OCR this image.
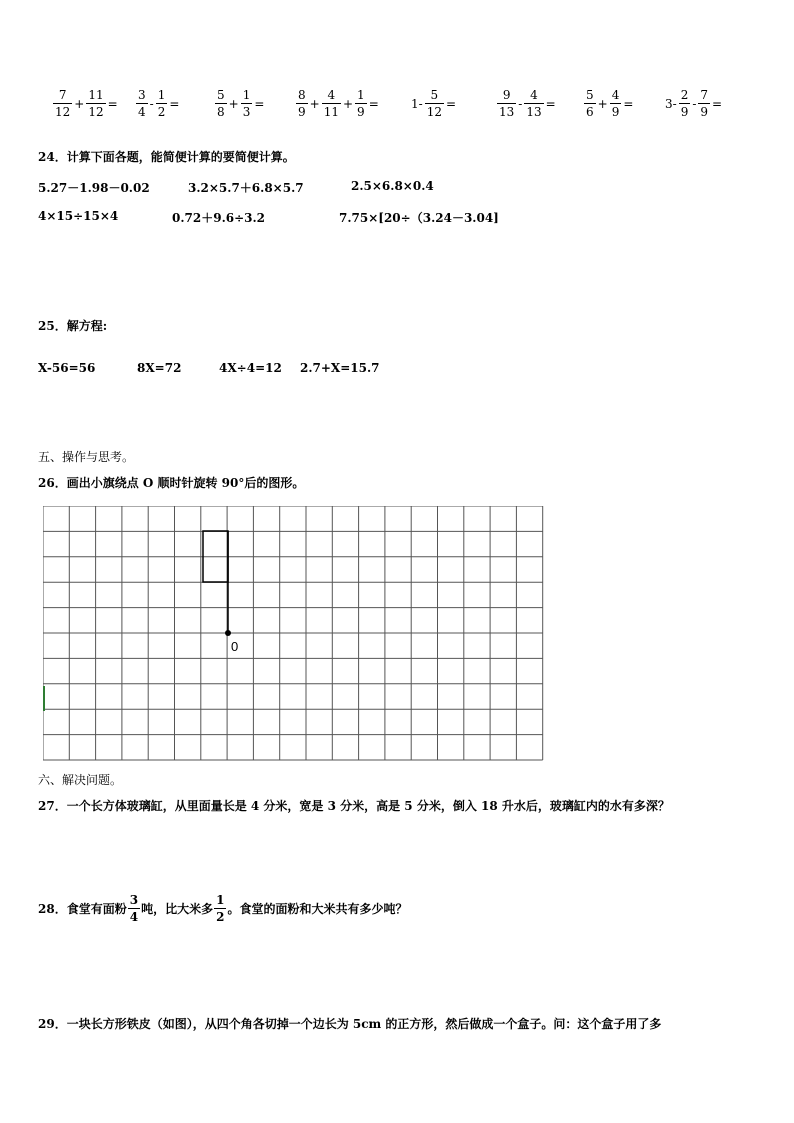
$\frac{7}{12} + \frac{11}{12} = \frac{3}{4} - \frac{1}{2}$ =	$\frac{5}{8} + \frac{1}{3}$ =	$\frac{8}{9} + \frac{4}{11} + \frac{1}{9}$ =	$1- \frac{5}{12}$ =	$\frac{9}{13} - \frac{4}{13} = \frac{5}{6} + \frac{4}{9}$ =	$3- \frac{2}{9} - \frac{7}{9}$ =
24．计算下面各题，能简便计算的要简便计算。
5.27－1.98－0.02	3.2×5.7＋6.8×5.7	2.5×6.8×0.4
4×15÷15×4	0.72＋9.6÷3.2	7.75×[20÷（3.24－3.04]
25．解方程:
X-56=56	8X=72	4X÷4=12 2.7+X=15.7
五、操作与思考。
26．画出小旗绕点 O 顺时针旋转 90°后的图形。
0
六、解决问题。
27．一个长方体玻璃缸，从里面量长是 4 分米，宽是 3 分米，高是 5 分米，倒入 18 升水后，玻璃缸内的水有多深？
28．食堂有面粉 $\frac{3}{4}$ 吨，比大米多 $\frac{1}{2}$ 。食堂的面粉和大米共有多少吨？
29．一块长方形铁皮（如图），从四个角各切掉一个边长为 5cm 的正方形，然后做成一个盒子。问：这个盒子用了多
